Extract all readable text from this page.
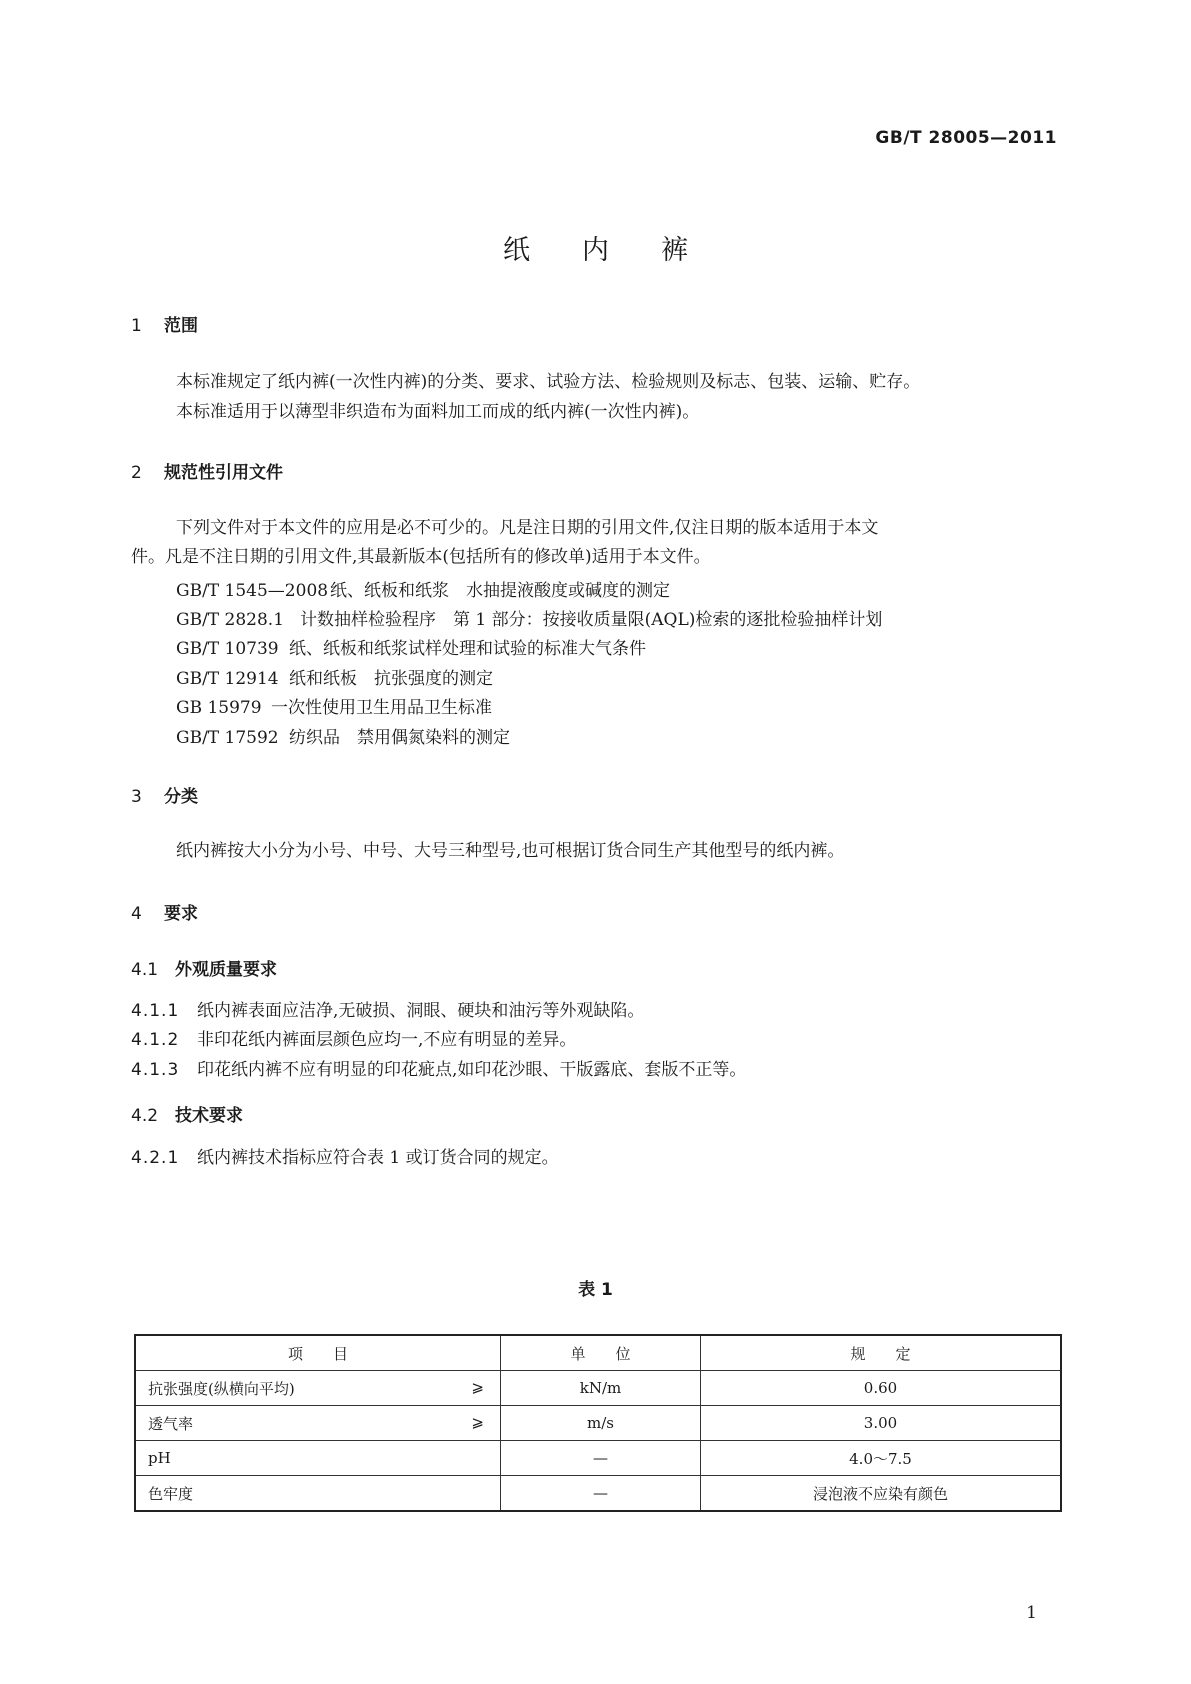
GB/T 28005—2011
纸 内 裤
1 范围
本标准规定了纸内裤(一次性内裤)的分类、要求、试验方法、检验规则及标志、包装、运输、贮存。
本标准适用于以薄型非织造布为面料加工而成的纸内裤(一次性内裤)。
2 规范性引用文件
下列文件对于本文件的应用是必不可少的。凡是注日期的引用文件,仅注日期的版本适用于本文
件。凡是不注日期的引用文件,其最新版本(包括所有的修改单)适用于本文件。
GB/T 1545—2008 纸、纸板和纸浆　水抽提液酸度或碱度的测定
GB/T 2828.1 计数抽样检验程序　第 1 部分：按接收质量限(AQL)检索的逐批检验抽样计划
GB/T 10739 纸、纸板和纸浆试样处理和试验的标准大气条件
GB/T 12914 纸和纸板　抗张强度的测定
GB 15979 一次性使用卫生用品卫生标准
GB/T 17592 纺织品　禁用偶氮染料的测定
3 分类
纸内裤按大小分为小号、中号、大号三种型号,也可根据订货合同生产其他型号的纸内裤。
4 要求
4.1 外观质量要求
4.1.1 纸内裤表面应洁净,无破损、洞眼、硬块和油污等外观缺陷。
4.1.2 非印花纸内裤面层颜色应均一,不应有明显的差异。
4.1.3 印花纸内裤不应有明显的印花疵点,如印花沙眼、干版露底、套版不正等。
4.2 技术要求
4.2.1 纸内裤技术指标应符合表 1 或订货合同的规定。
表 1
项　　目	单　　位	规　　定
抗张强度(纵横向平均) ⩾	kN/m	0.60
透气率 ⩾	m/s	3.00
pH	—	4.0～7.5
色牢度	—	浸泡液不应染有颜色
1
